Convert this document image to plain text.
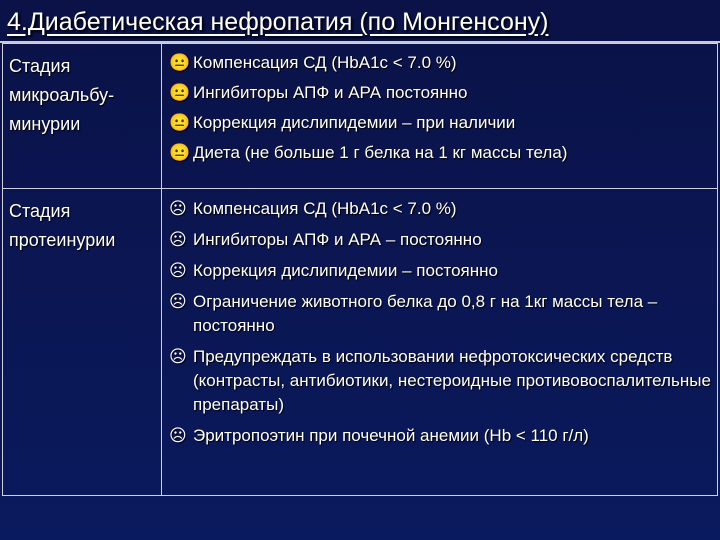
4.Диабетическая нефропатия (по Монгенсону)
Стадия
микроальбу-
минурии
😐 Компенсация СД (HbA1c < 7.0 %)
😐 Ингибиторы АПФ и АРА постоянно
😐 Коррекция дислипидемии – при наличии
😐 Диета (не больше 1 г белка на 1 кг массы тела)
Стадия
протеинурии
☹ Компенсация СД (HbA1c < 7.0 %)
☹ Ингибиторы АПФ и АРА – постоянно
☹ Коррекция дислипидемии – постоянно
☹ Ограничение животного белка до 0,8 г на 1кг массы тела – постоянно
☹ Предупреждать в использовании нефротоксических средств (контрасты, антибиотики, нестероидные противовоспалительные препараты)
☹ Эритропоэтин при почечной анемии (Hb < 110 г/л)
